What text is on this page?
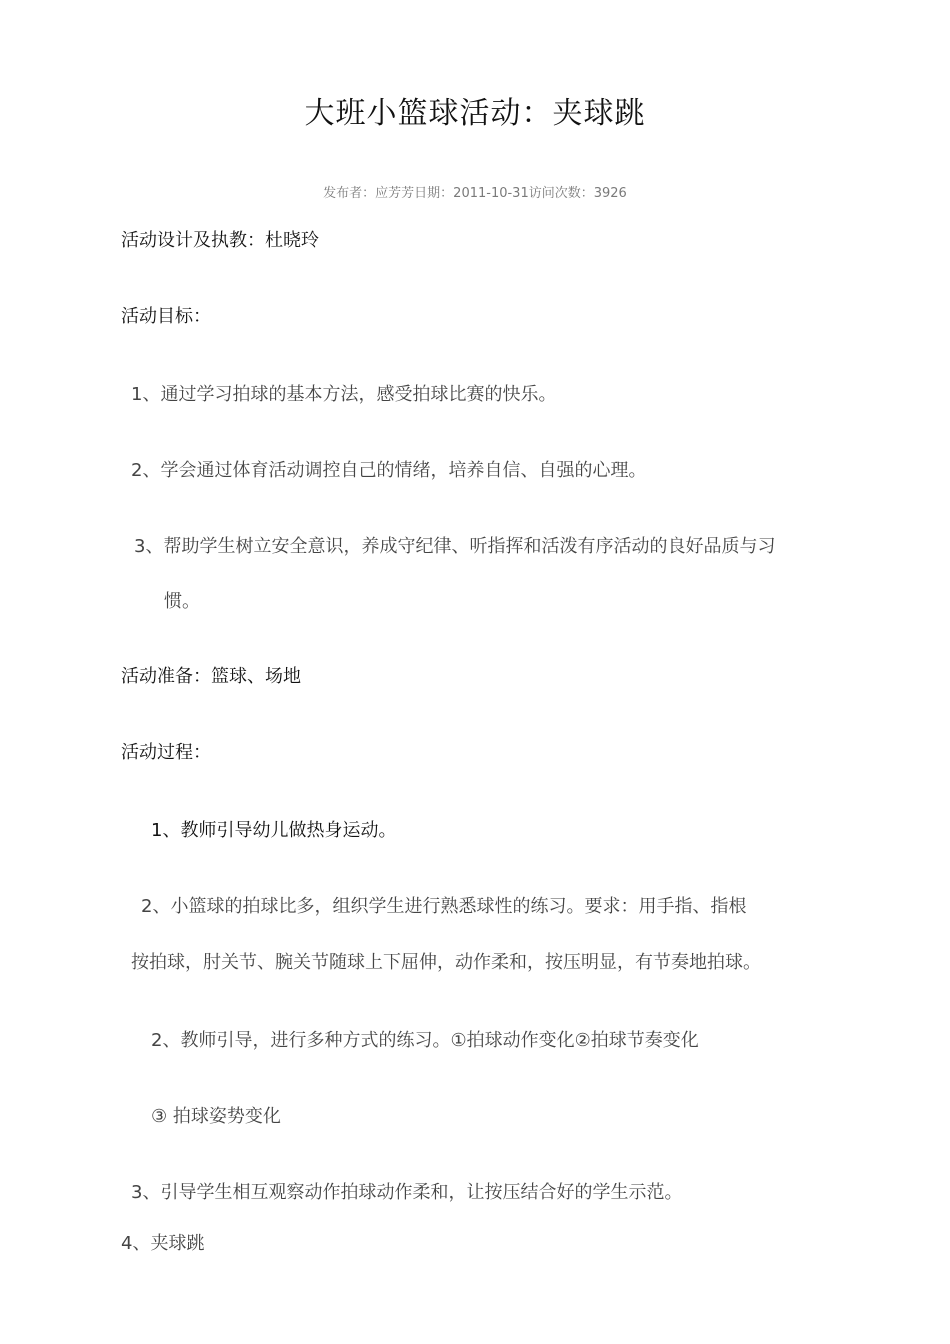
大班小篮球活动：夹球跳
发布者：应芳芳日期：2011-10-31访问次数：3926
活动设计及执教：杜晓玲
活动目标：
1、通过学习拍球的基本方法，感受拍球比赛的快乐。
2、学会通过体育活动调控自己的情绪，培养自信、自强的心理。
3、帮助学生树立安全意识，养成守纪律、听指挥和活泼有序活动的良好品质与习
惯。
活动准备：篮球、场地
活动过程：
1、教师引导幼儿做热身运动。
2、小篮球的拍球比多，组织学生进行熟悉球性的练习。要求：用手指、指根
按拍球，肘关节、腕关节随球上下屈伸，动作柔和，按压明显，有节奏地拍球。
2、教师引导，进行多种方式的练习。①拍球动作变化②拍球节奏变化
③ 拍球姿势变化
3、引导学生相互观察动作拍球动作柔和，让按压结合好的学生示范。
4、夹球跳
